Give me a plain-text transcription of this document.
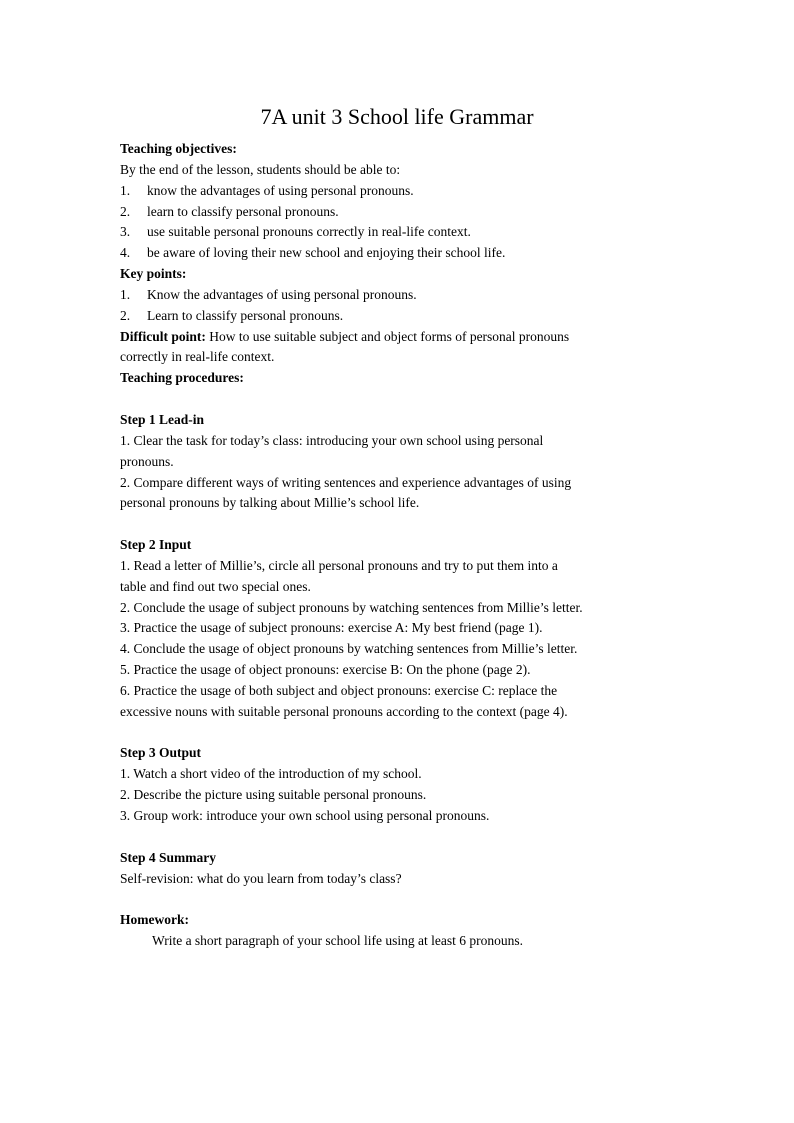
7A unit 3 School life Grammar
Teaching objectives:
By the end of the lesson, students should be able to:
1.	know the advantages of using personal pronouns.
2.	learn to classify personal pronouns.
3.	use suitable personal pronouns correctly in real-life context.
4.	be aware of loving their new school and enjoying their school life.
Key points:
1.	Know the advantages of using personal pronouns.
2.	Learn to classify personal pronouns.
Difficult point: How to use suitable subject and object forms of personal pronouns
correctly in real-life context.
Teaching procedures:
Step 1 Lead-in
1. Clear the task for today’s class: introducing your own school using personal
pronouns.
2. Compare different ways of writing sentences and experience advantages of using
personal pronouns by talking about Millie’s school life.
Step 2 Input
1. Read a letter of Millie’s, circle all personal pronouns and try to put them into a
table and find out two special ones.
2. Conclude the usage of subject pronouns by watching sentences from Millie’s letter.
3. Practice the usage of subject pronouns: exercise A: My best friend (page 1).
4. Conclude the usage of object pronouns by watching sentences from Millie’s letter.
5. Practice the usage of object pronouns: exercise B: On the phone (page 2).
6. Practice the usage of both subject and object pronouns: exercise C: replace the
excessive nouns with suitable personal pronouns according to the context (page 4).
Step 3 Output
1. Watch a short video of the introduction of my school.
2. Describe the picture using suitable personal pronouns.
3. Group work: introduce your own school using personal pronouns.
Step 4 Summary
Self-revision: what do you learn from today’s class?
Homework:
Write a short paragraph of your school life using at least 6 pronouns.
